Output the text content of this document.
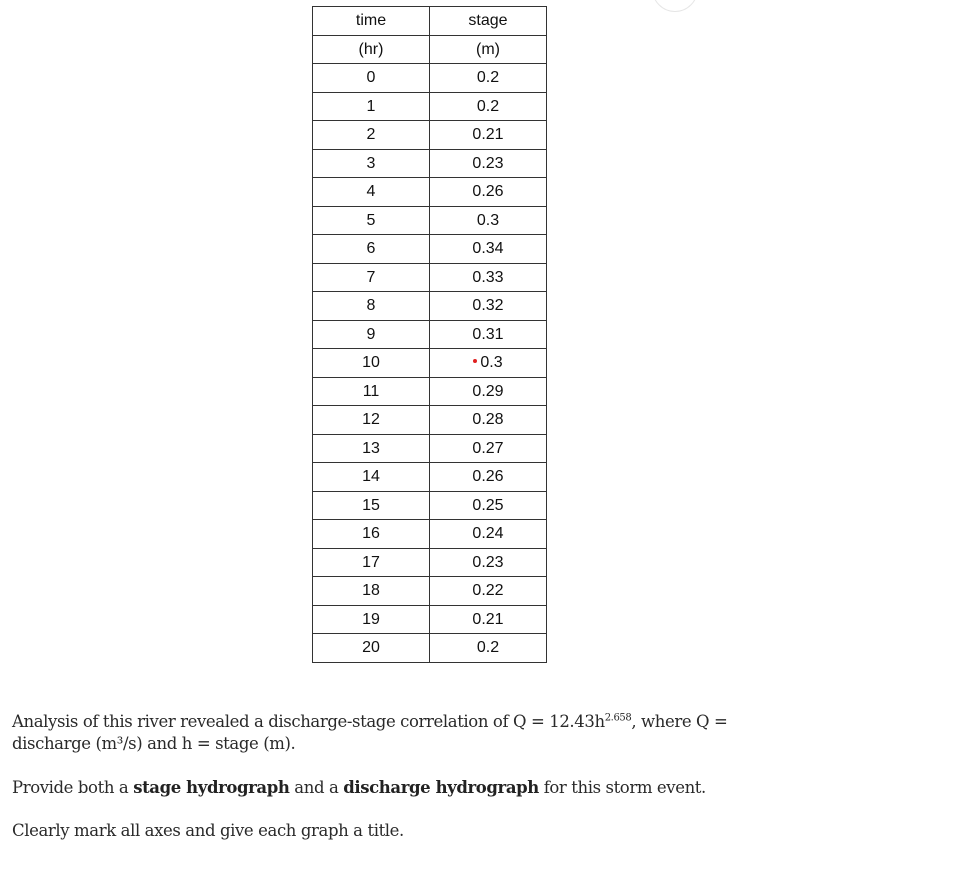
time	stage
(hr)	(m)
0	0.2
1	0.2
2	0.21
3	0.23
4	0.26
5	0.3
6	0.34
7	0.33
8	0.32
9	0.31
10	0.3
11	0.29
12	0.28
13	0.27
14	0.26
15	0.25
16	0.24
17	0.23
18	0.22
19	0.21
20	0.2
Analysis of this river revealed a discharge-stage correlation of $Q = 12.43h^{2.658}$, where Q =
discharge (m³/s) and h = stage (m).
Provide both a stage hydrograph and a discharge hydrograph for this storm event.
Clearly mark all axes and give each graph a title.
